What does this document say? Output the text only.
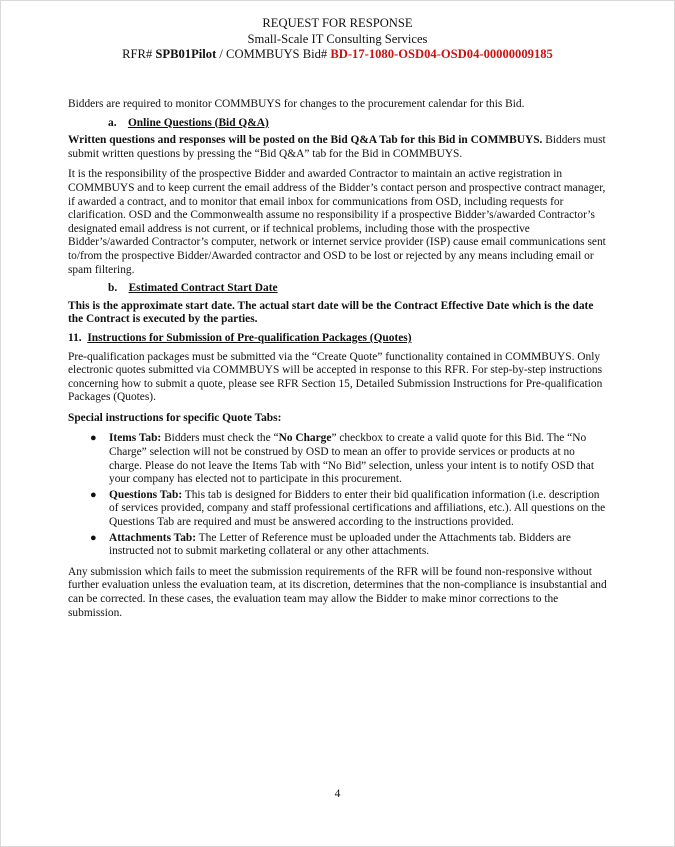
REQUEST FOR RESPONSE
Small-Scale IT Consulting Services
RFR# SPB01Pilot / COMMBUYS Bid# BD-17-1080-OSD04-OSD04-00000009185

Bidders are required to monitor COMMBUYS for changes to the procurement calendar for this Bid.

a. Online Questions (Bid Q&A)

Written questions and responses will be posted on the Bid Q&A Tab for this Bid in COMMBUYS. Bidders must submit written questions by pressing the “Bid Q&A” tab for the Bid in COMMBUYS.

It is the responsibility of the prospective Bidder and awarded Contractor to maintain an active registration in COMMBUYS and to keep current the email address of the Bidder’s contact person and prospective contract manager, if awarded a contract, and to monitor that email inbox for communications from OSD, including requests for clarification. OSD and the Commonwealth assume no responsibility if a prospective Bidder’s/awarded Contractor’s designated email address is not current, or if technical problems, including those with the prospective Bidder’s/awarded Contractor’s computer, network or internet service provider (ISP) cause email communications sent to/from the prospective Bidder/Awarded contractor and OSD to be lost or rejected by any means including email or spam filtering.

b. Estimated Contract Start Date

This is the approximate start date. The actual start date will be the Contract Effective Date which is the date the Contract is executed by the parties.

11. Instructions for Submission of Pre-qualification Packages (Quotes)

Pre-qualification packages must be submitted via the “Create Quote” functionality contained in COMMBUYS. Only electronic quotes submitted via COMMBUYS will be accepted in response to this RFR. For step-by-step instructions concerning how to submit a quote, please see RFR Section 15, Detailed Submission Instructions for Pre-qualification Packages (Quotes).

Special instructions for specific Quote Tabs:

● Items Tab: Bidders must check the “No Charge” checkbox to create a valid quote for this Bid. The “No Charge” selection will not be construed by OSD to mean an offer to provide services or products at no charge. Please do not leave the Items Tab with “No Bid” selection, unless your intent is to notify OSD that your company has elected not to participate in this procurement.
● Questions Tab: This tab is designed for Bidders to enter their bid qualification information (i.e. description of services provided, company and staff professional certifications and affiliations, etc.). All questions on the Questions Tab are required and must be answered according to the instructions provided.
● Attachments Tab: The Letter of Reference must be uploaded under the Attachments tab. Bidders are instructed not to submit marketing collateral or any other attachments.

Any submission which fails to meet the submission requirements of the RFR will be found non-responsive without further evaluation unless the evaluation team, at its discretion, determines that the non-compliance is insubstantial and can be corrected. In these cases, the evaluation team may allow the Bidder to make minor corrections to the submission.

4
